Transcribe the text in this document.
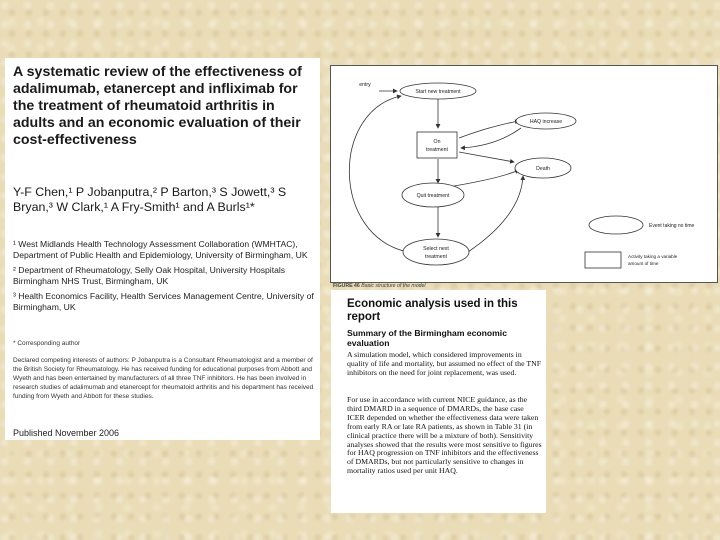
A systematic review of the effectiveness of adalimumab, etanercept and infliximab for the treatment of rheumatoid arthritis in adults and an economic evaluation of their cost-effectiveness

Y-F Chen,¹ P Jobanputra,² P Barton,³ S Jowett,³ S Bryan,³ W Clark,¹ A Fry-Smith¹ and A Burls¹*

¹ West Midlands Health Technology Assessment Collaboration (WMHTAC), Department of Public Health and Epidemiology, University of Birmingham, UK
² Department of Rheumatology, Selly Oak Hospital, University Hospitals Birmingham NHS Trust, Birmingham, UK
³ Health Economics Facility, Health Services Management Centre, University of Birmingham, UK
* Corresponding author
Declared competing interests of authors: P Jobanputra is a Consultant Rheumatologist and a member of the British Society for Rheumatology. He has received funding for educational purposes from Abbott and Wyeth and has been entertained by manufacturers of all three TNF inhibitors. He has been involved in research studies of adalimumab and etanercept for rheumatoid arthritis and his department has received funding from Wyeth and Abbott for these studies.
Published November 2006
entry
Start new treatment
HAQ increase
On
treatment
Death
Quit treatment
Select next
treatment
Event taking no time
Activity taking a variable
amount of time
FIGURE 46 Basic structure of the model
Economic analysis used in this report
Summary of the Birmingham economic evaluation

A simulation model, which considered improvements in quality of life and mortality, but assumed no effect of the TNF inhibitors on the need for joint replacement, was used.

For use in accordance with current NICE guidance, as the third DMARD in a sequence of DMARDs, the base case ICER depended on whether the effectiveness data were taken from early RA or late RA patients, as shown in Table 31 (in clinical practice there will be a mixture of both). Sensitivity analyses showed that the results were most sensitive to figures for HAQ progression on TNF inhibitors and the effectiveness of DMARDs, but not particularly sensitive to changes in mortality ratios used per unit HAQ.
